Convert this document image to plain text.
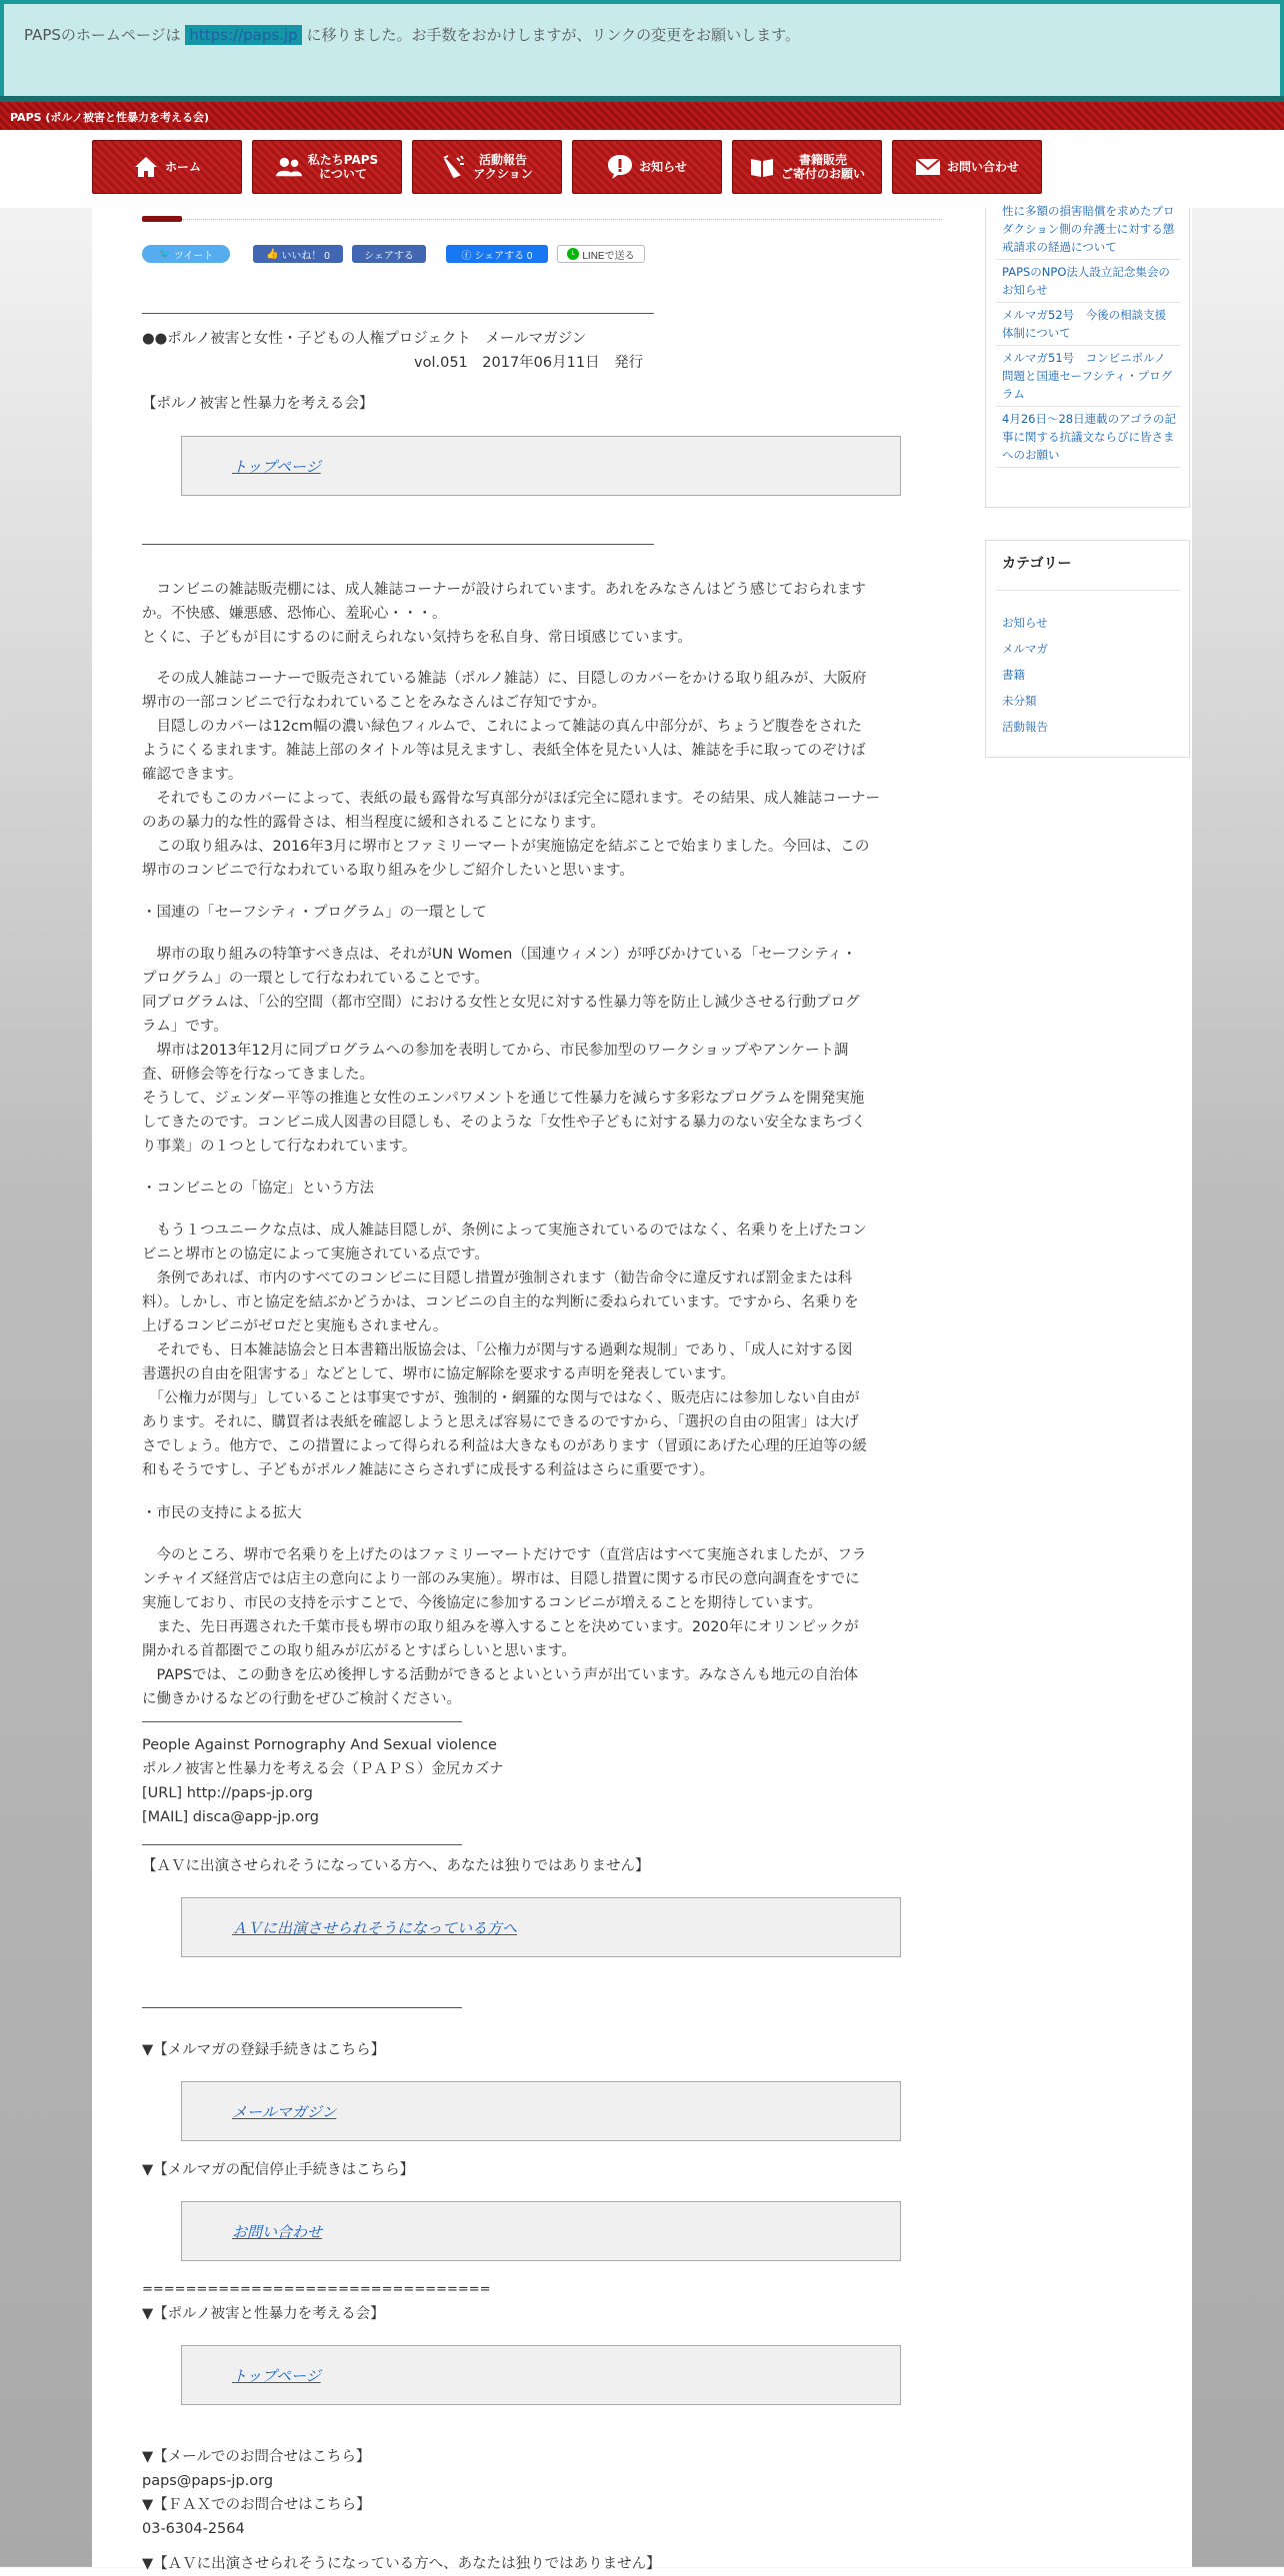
PAPSのホームページは https://paps.jp に移りました。お手数をおかけしますが、リンクの変更をお願いします。
PAPS (ポルノ被害と性暴力を考える会)
ホーム	私たちPAPS
について
活動報告
アクション	お知らせ	書籍販売
ご寄付のお願い	お問い合わせ
🐦 ツイート	👍 いいね！ 0	シェアする	ⓕ シェアする 0	L LINEで送る
●●ポルノ被害と女性・子どもの人権プロジェクト　メールマガジン
vol.051　2017年06月11日　発行
【ポルノ被害と性暴力を考える会】
トップページ
　コンビニの雑誌販売棚には、成人雑誌コーナーが設けられています。あれをみなさんはどう感じておられます
か。不快感、嫌悪感、恐怖心、羞恥心・・・。
とくに、子どもが目にするのに耐えられない気持ちを私自身、常日頃感じています。
　その成人雑誌コーナーで販売されている雑誌（ポルノ雑誌）に、目隠しのカバーをかける取り組みが、大阪府
堺市の一部コンビニで行なわれていることをみなさんはご存知ですか。
　目隠しのカバーは12cm幅の濃い緑色フィルムで、これによって雑誌の真ん中部分が、ちょうど腹巻をされた
ようにくるまれます。雑誌上部のタイトル等は見えますし、表紙全体を見たい人は、雑誌を手に取ってのぞけば
確認できます。
　それでもこのカバーによって、表紙の最も露骨な写真部分がほぼ完全に隠れます。その結果、成人雑誌コーナー
のあの暴力的な性的露骨さは、相当程度に緩和されることになります。
　この取り組みは、2016年3月に堺市とファミリーマートが実施協定を結ぶことで始まりました。今回は、この
堺市のコンビニで行なわれている取り組みを少しご紹介したいと思います。
・国連の「セーフシティ・プログラム」の一環として
　堺市の取り組みの特筆すべき点は、それがUN Women（国連ウィメン）が呼びかけている「セーフシティ・
プログラム」の一環として行なわれていることです。
同プログラムは、「公的空間（都市空間）における女性と女児に対する性暴力等を防止し減少させる行動プログ
ラム」です。
　堺市は2013年12月に同プログラムへの参加を表明してから、市民参加型のワークショップやアンケート調
査、研修会等を行なってきました。
そうして、ジェンダー平等の推進と女性のエンパワメントを通じて性暴力を減らす多彩なプログラムを開発実施
してきたのです。コンビニ成人図書の目隠しも、そのような「女性や子どもに対する暴力のない安全なまちづく
り事業」の１つとして行なわれています。
・コンビニとの「協定」という方法
　もう１つユニークな点は、成人雑誌目隠しが、条例によって実施されているのではなく、名乗りを上げたコン
ビニと堺市との協定によって実施されている点です。
　条例であれば、市内のすべてのコンビニに目隠し措置が強制されます（勧告命令に違反すれば罰金または科
料）。しかし、市と協定を結ぶかどうかは、コンビニの自主的な判断に委ねられています。ですから、名乗りを
上げるコンビニがゼロだと実施もされません。
　それでも、日本雑誌協会と日本書籍出版協会は、「公権力が関与する過剰な規制」であり、「成人に対する図
書選択の自由を阻害する」などとして、堺市に協定解除を要求する声明を発表しています。
　「公権力が関与」していることは事実ですが、強制的・網羅的な関与ではなく、販売店には参加しない自由が
あります。それに、購買者は表紙を確認しようと思えば容易にできるのですから、「選択の自由の阻害」は大げ
さでしょう。他方で、この措置によって得られる利益は大きなものがあります（冒頭にあげた心理的圧迫等の緩
和もそうですし、子どもがポルノ雑誌にさらされずに成長する利益はさらに重要です）。
・市民の支持による拡大
　今のところ、堺市で名乗りを上げたのはファミリーマートだけです（直営店はすべて実施されましたが、フラ
ンチャイズ経営店では店主の意向により一部のみ実施）。堺市は、目隠し措置に関する市民の意向調査をすでに
実施しており、市民の支持を示すことで、今後協定に参加するコンビニが増えることを期待しています。
　また、先日再選された千葉市長も堺市の取り組みを導入することを決めています。2020年にオリンピックが
開かれる首都圏でこの取り組みが広がるとすばらしいと思います。
　PAPSでは、この動きを広め後押しする活動ができるとよいという声が出ています。みなさんも地元の自治体
に働きかけるなどの行動をぜひご検討ください。
People Against Pornography And Sexual violence
ポルノ被害と性暴力を考える会（ＰＡＰＳ）金尻カズナ
[URL] http://paps-jp.org
[MAIL] disca@app-jp.org
【ＡＶに出演させられそうになっている方へ、あなたは独りではありません】
ＡＶに出演させられそうになっている方へ
▼【メルマガの登録手続きはこちら】
メールマガジン
▼【メルマガの配信停止手続きはこちら】
お問い合わせ
================================
▼【ポルノ被害と性暴力を考える会】
トップページ
▼【メールでのお問合せはこちら】
paps@paps-jp.org
▼【ＦＡＸでのお問合せはこちら】
03-6304-2564
▼【ＡＶに出演させられそうになっている方へ、あなたは独りではありません】
性に多額の損害賠償を求めたプロ
ダクション側の弁護士に対する懲
戒請求の経過について
PAPSのNPO法人設立記念集会の
お知らせ
メルマガ52号　今後の相談支援
体制について
メルマガ51号　コンビニポルノ
問題と国連セーフシティ・プログ
ラム
4月26日〜28日連載のアゴラの記
事に関する抗議文ならびに皆さま
へのお願い
カテゴリー
お知らせ
メルマガ
書籍
未分類
活動報告
